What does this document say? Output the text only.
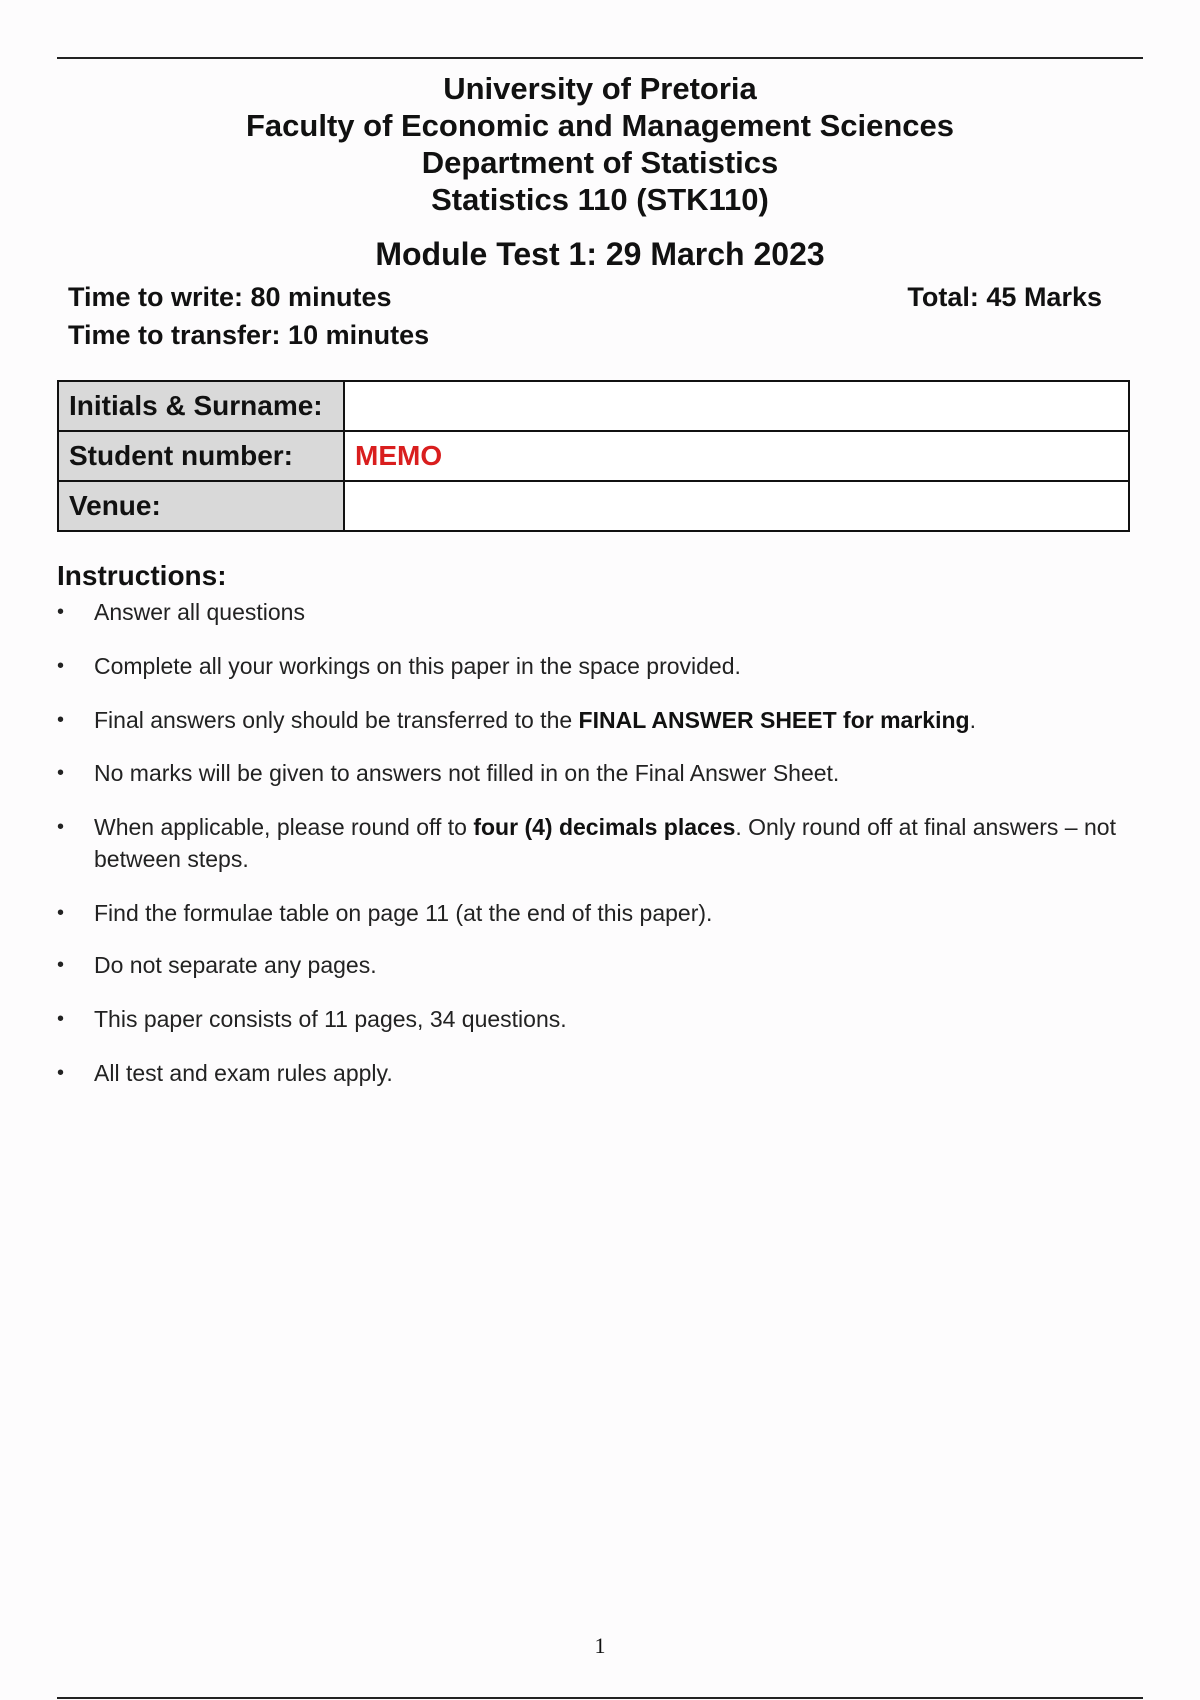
University of Pretoria
Faculty of Economic and Management Sciences
Department of Statistics
Statistics 110 (STK110)
Module Test 1: 29 March 2023
Time to write: 80 minutes
Time to transfer: 10 minutes
Total: 45 Marks
Initials & Surname:	
Student number:	MEMO
Venue:	
Instructions:
• Answer all questions
• Complete all your workings on this paper in the space provided.
• Final answers only should be transferred to the FINAL ANSWER SHEET for marking.
• No marks will be given to answers not filled in on the Final Answer Sheet.
• When applicable, please round off to four (4) decimals places. Only round off at final answers – not between steps.
• Find the formulae table on page 11 (at the end of this paper).
• Do not separate any pages.
• This paper consists of 11 pages, 34 questions.
• All test and exam rules apply.
1
